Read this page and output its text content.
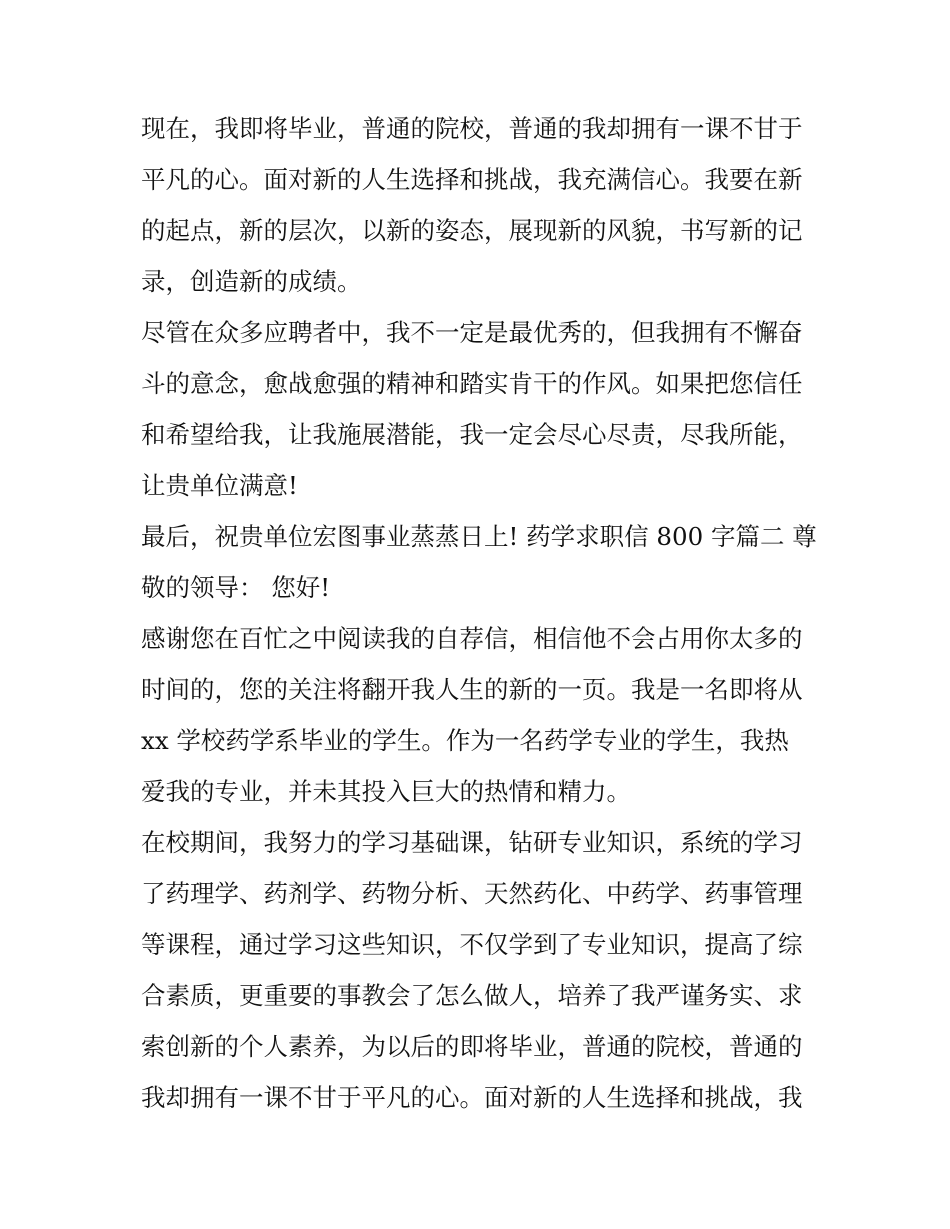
现在，我即将毕业，普通的院校，普通的我却拥有一课不甘于
平凡的心。面对新的人生选择和挑战，我充满信心。我要在新
的起点，新的层次，以新的姿态，展现新的风貌，书写新的记
录，创造新的成绩。
尽管在众多应聘者中，我不一定是最优秀的，但我拥有不懈奋
斗的意念，愈战愈强的精神和踏实肯干的作风。如果把您信任
和希望给我，让我施展潜能，我一定会尽心尽责，尽我所能，
让贵单位满意!
最后，祝贵单位宏图事业蒸蒸日上! 药学求职信 800 字篇二 尊
敬的领导： 您好!
感谢您在百忙之中阅读我的自荐信，相信他不会占用你太多的
时间的，您的关注将翻开我人生的新的一页。我是一名即将从
xx 学校药学系毕业的学生。作为一名药学专业的学生，我热
爱我的专业，并未其投入巨大的热情和精力。
在校期间，我努力的学习基础课，钻研专业知识，系统的学习
了药理学、药剂学、药物分析、天然药化、中药学、药事管理
等课程，通过学习这些知识，不仅学到了专业知识，提高了综
合素质，更重要的事教会了怎么做人，培养了我严谨务实、求
索创新的个人素养，为以后的即将毕业，普通的院校，普通的
我却拥有一课不甘于平凡的心。面对新的人生选择和挑战，我
